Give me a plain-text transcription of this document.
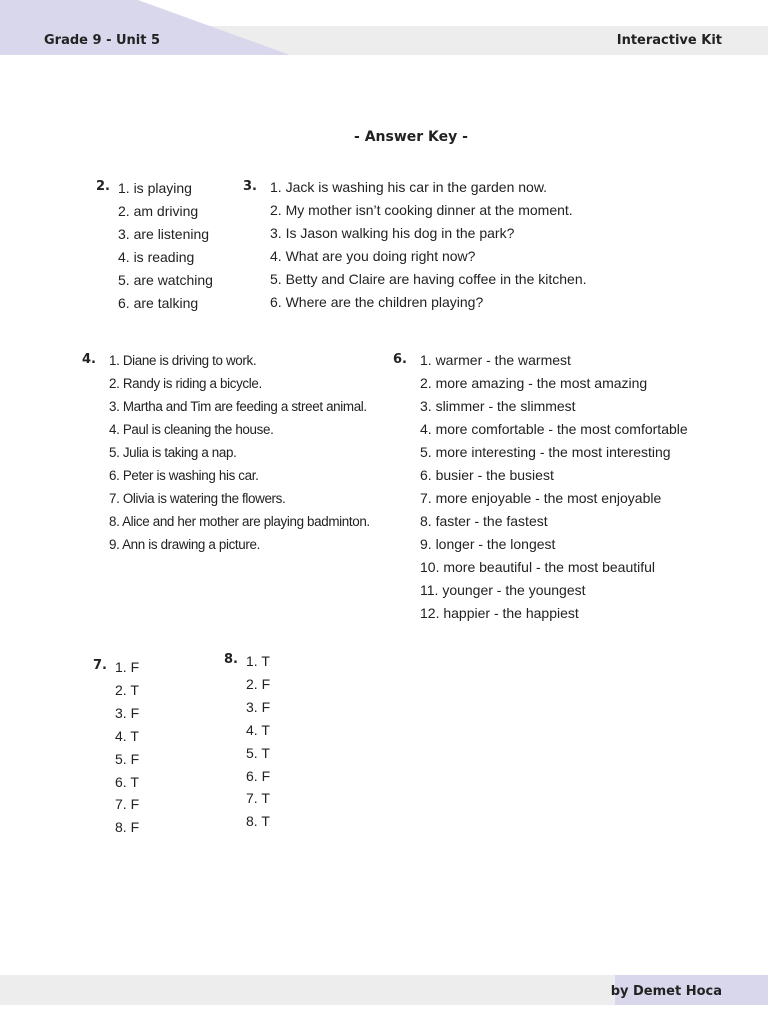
Grade 9 - Unit 5	Interactive Kit
- Answer Key -
2. 1. is playing
2. am driving
3. are listening
4. is reading
5. are watching
6. are talking
3. 1. Jack is washing his car in the garden now.
2. My mother isn’t cooking dinner at the moment.
3. Is Jason walking his dog in the park?
4. What are you doing right now?
5. Betty and Claire are having coffee in the kitchen.
6. Where are the children playing?
4. 1. Diane is driving to work.
2. Randy is riding a bicycle.
3. Martha and Tim are feeding a street animal.
4. Paul is cleaning the house.
5. Julia is taking a nap.
6. Peter is washing his car.
7. Olivia is watering the flowers.
8. Alice and her mother are playing badminton.
9. Ann is drawing a picture.
6. 1. warmer - the warmest
2. more amazing - the most amazing
3. slimmer - the slimmest
4. more comfortable - the most comfortable
5. more interesting - the most interesting
6. busier - the busiest
7. more enjoyable - the most enjoyable
8. faster - the fastest
9. longer - the longest
10. more beautiful - the most beautiful
11. younger - the youngest
12. happier - the happiest
7. 1. F
2. T
3. F
4. T
5. F
6. T
7. F
8. F
8. 1. T
2. F
3. F
4. T
5. T
6. F
7. T
8. T
by Demet Hoca
